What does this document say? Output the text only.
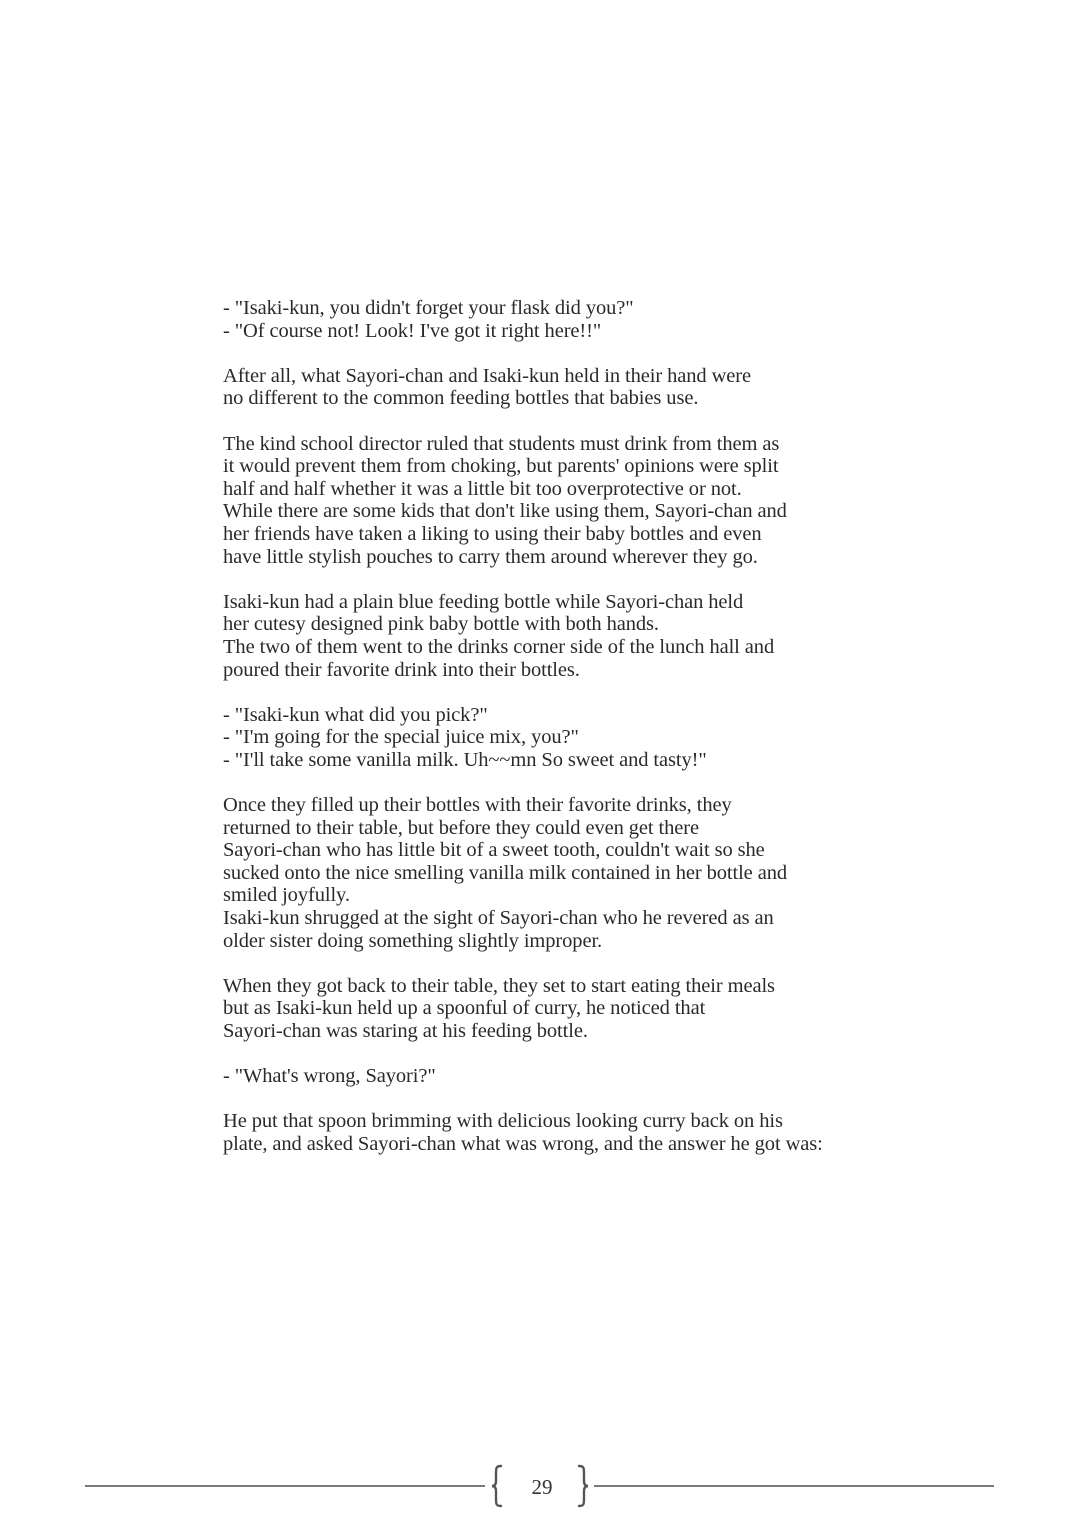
- "Isaki-kun, you didn't forget your flask did you?"
- "Of course not! Look! I've got it right here!!"

After all, what Sayori-chan and Isaki-kun held in their hand were
no different to the common feeding bottles that babies use.

The kind school director ruled that students must drink from them as
it would prevent them from choking, but parents' opinions were split
half and half whether it was a little bit too overprotective or not.
While there are some kids that don't like using them, Sayori-chan and
her friends have taken a liking to using their baby bottles and even
have little stylish pouches to carry them around wherever they go.

Isaki-kun had a plain blue feeding bottle while Sayori-chan held
her cutesy designed pink baby bottle with both hands.
The two of them went to the drinks corner side of the lunch hall and
poured their favorite drink into their bottles.

- "Isaki-kun what did you pick?"
- "I'm going for the special juice mix, you?"
- "I'll take some vanilla milk. Uh~~mn So sweet and tasty!"

Once they filled up their bottles with their favorite drinks, they
returned to their table, but before they could even get there
Sayori-chan who has little bit of a sweet tooth, couldn't wait so she
sucked onto the nice smelling vanilla milk contained in her bottle and
smiled joyfully.
Isaki-kun shrugged at the sight of Sayori-chan who he revered as an
older sister doing something slightly improper.

When they got back to their table, they set to start eating their meals
but as Isaki-kun held up a spoonful of curry, he noticed that
Sayori-chan was staring at his feeding bottle.

- "What's wrong, Sayori?"

He put that spoon brimming with delicious looking curry back on his
plate, and asked Sayori-chan what was wrong, and the answer he got was:

29
